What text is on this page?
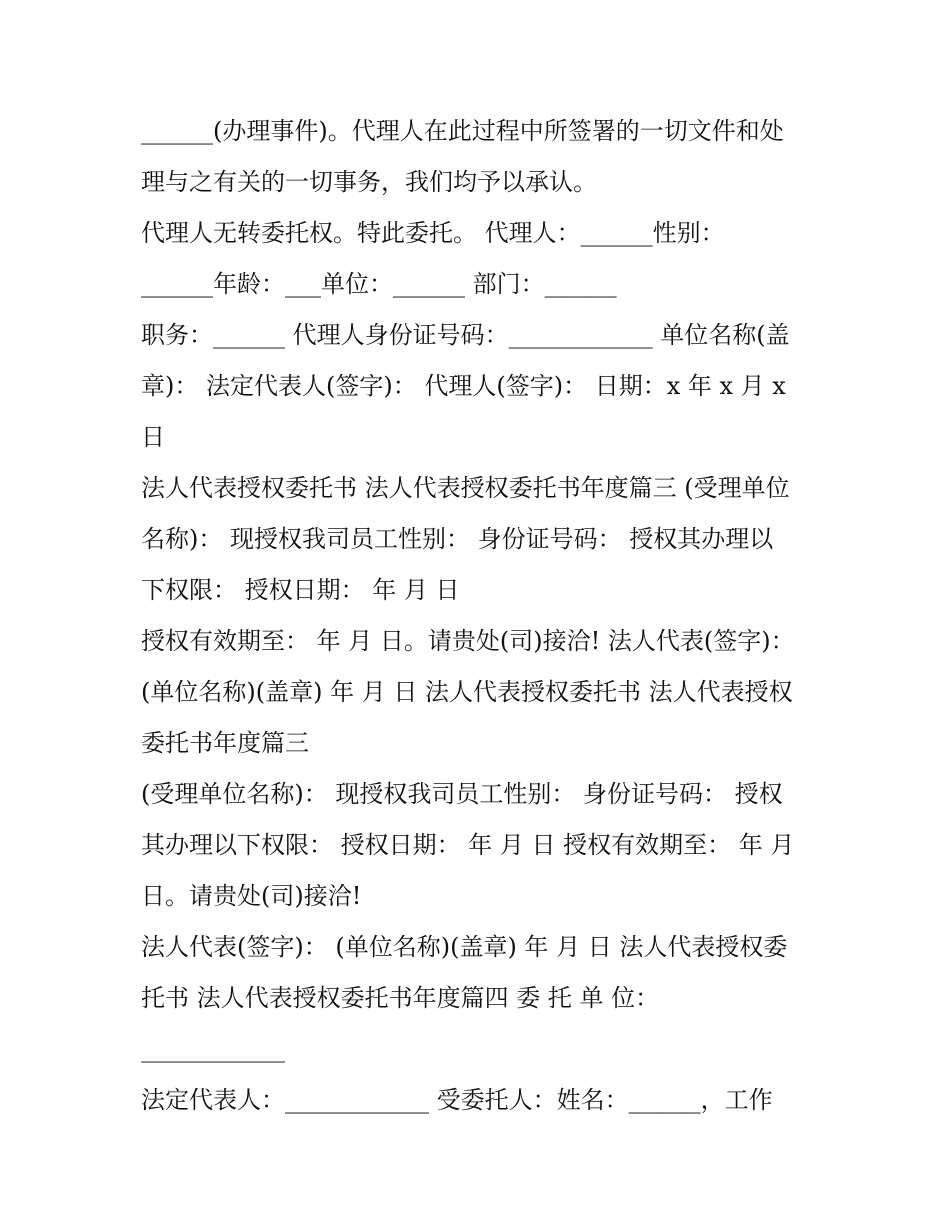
______(办理事件)。代理人在此过程中所签署的一切文件和处
理与之有关的一切事务，我们均予以承认。
代理人无转委托权。特此委托。 代理人：______性别：
______年龄：___单位：______ 部门：______
职务：______ 代理人身份证号码：____________ 单位名称(盖
章)： 法定代表人(签字)： 代理人(签字)： 日期：x 年 x 月 x
日
法人代表授权委托书 法人代表授权委托书年度篇三 (受理单位
名称)： 现授权我司员工性别： 身份证号码： 授权其办理以
下权限： 授权日期： 年 月 日
授权有效期至： 年 月 日。请贵处(司)接洽! 法人代表(签字)：
(单位名称)(盖章) 年 月 日 法人代表授权委托书 法人代表授权
委托书年度篇三
(受理单位名称)： 现授权我司员工性别： 身份证号码： 授权
其办理以下权限： 授权日期： 年 月 日 授权有效期至： 年 月
日。请贵处(司)接洽!
法人代表(签字)： (单位名称)(盖章) 年 月 日 法人代表授权委
托书 法人代表授权委托书年度篇四 委 托 单 位：
____________
法定代表人：____________ 受委托人：姓名：______，工作
